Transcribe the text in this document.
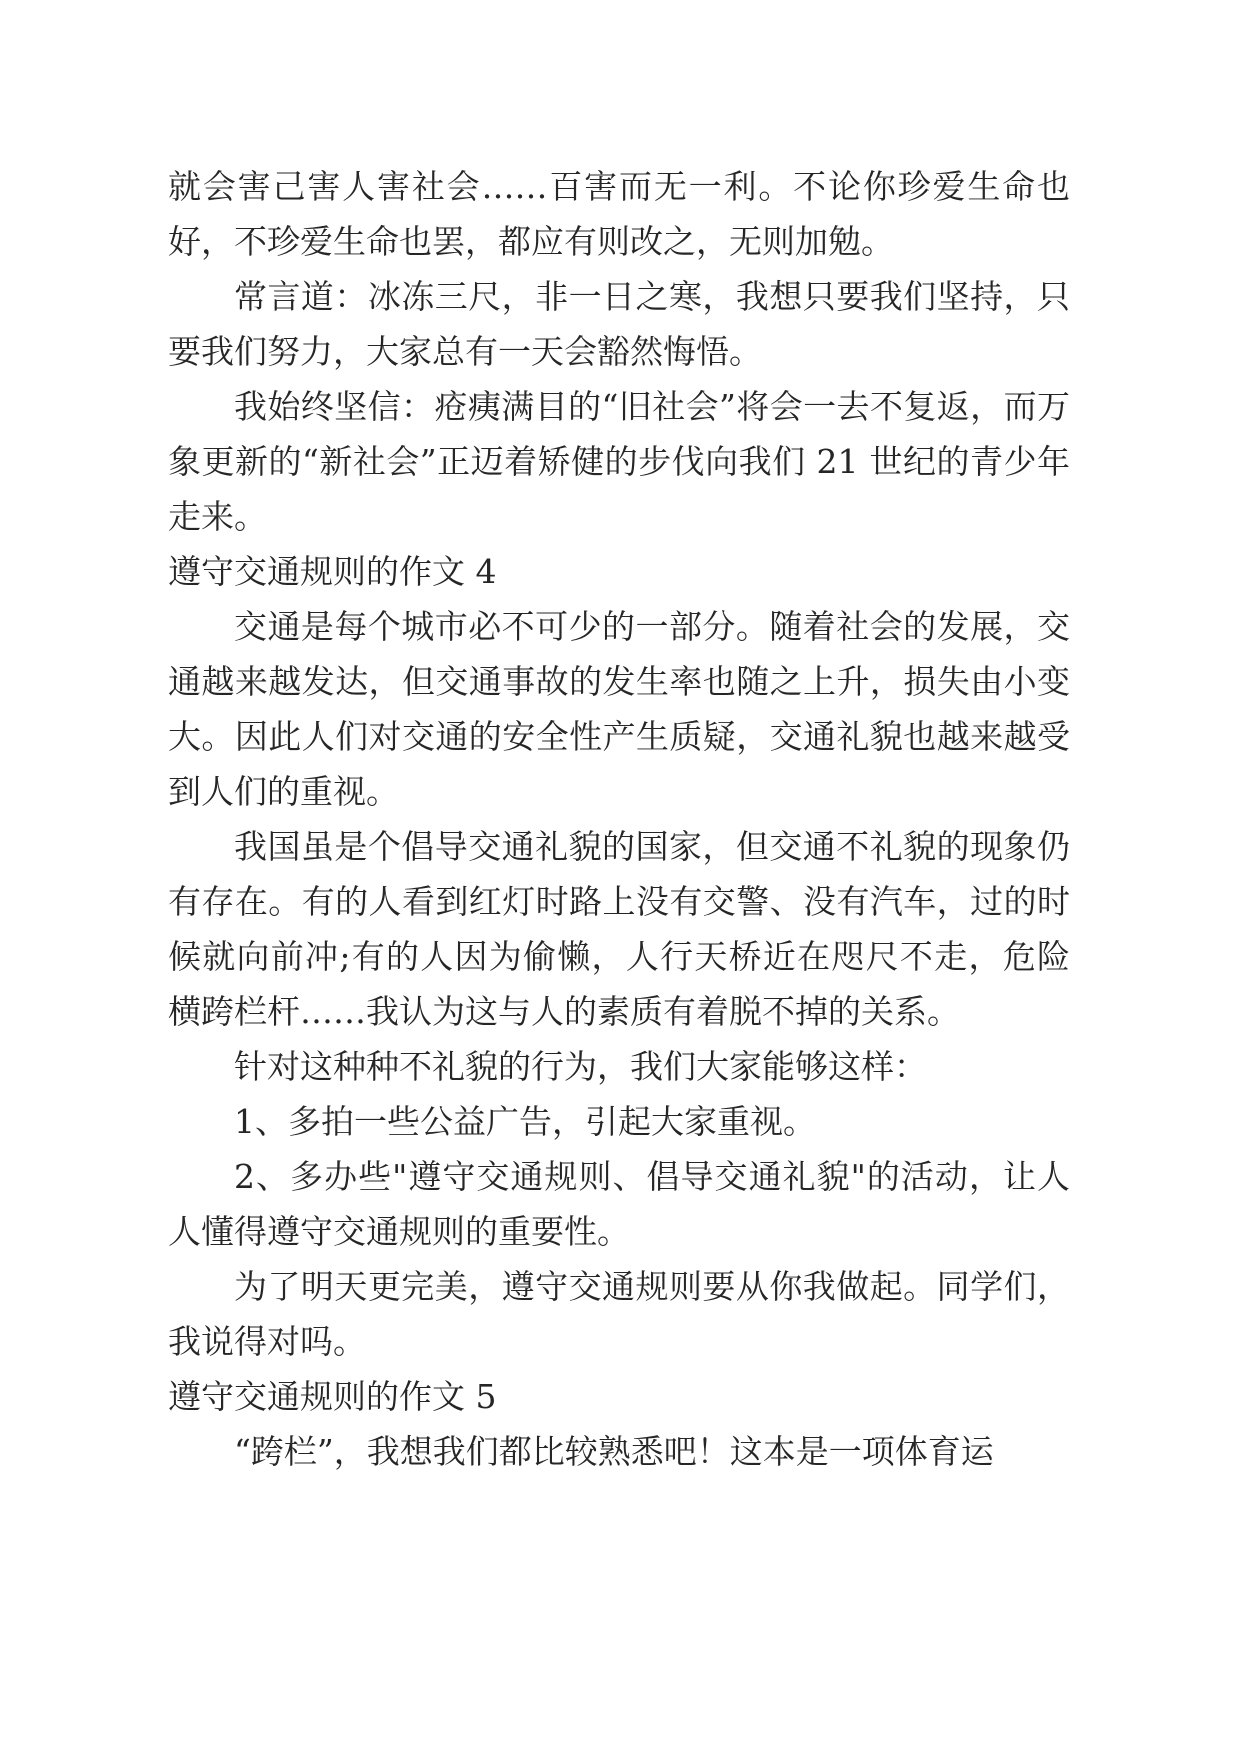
就会害己害人害社会……百害而无一利。不论你珍爱生命也好，不珍爱生命也罢，都应有则改之，无则加勉。

常言道：冰冻三尺，非一日之寒，我想只要我们坚持，只要我们努力，大家总有一天会豁然悔悟。

我始终坚信：疮痍满目的“旧社会”将会一去不复返，而万象更新的“新社会”正迈着矫健的步伐向我们 21 世纪的青少年走来。

遵守交通规则的作文 4

交通是每个城市必不可少的一部分。随着社会的发展，交通越来越发达，但交通事故的发生率也随之上升，损失由小变大。因此人们对交通的安全性产生质疑，交通礼貌也越来越受到人们的重视。

我国虽是个倡导交通礼貌的国家，但交通不礼貌的现象仍有存在。有的人看到红灯时路上没有交警、没有汽车，过的时候就向前冲;有的人因为偷懒，人行天桥近在咫尺不走，危险横跨栏杆……我认为这与人的素质有着脱不掉的关系。

针对这种种不礼貌的行为，我们大家能够这样：

1、多拍一些公益广告，引起大家重视。

2、多办些"遵守交通规则、倡导交通礼貌"的活动，让人人懂得遵守交通规则的重要性。

为了明天更完美，遵守交通规则要从你我做起。同学们，我说得对吗。

遵守交通规则的作文 5

“跨栏”，我想我们都比较熟悉吧！这本是一项体育运
